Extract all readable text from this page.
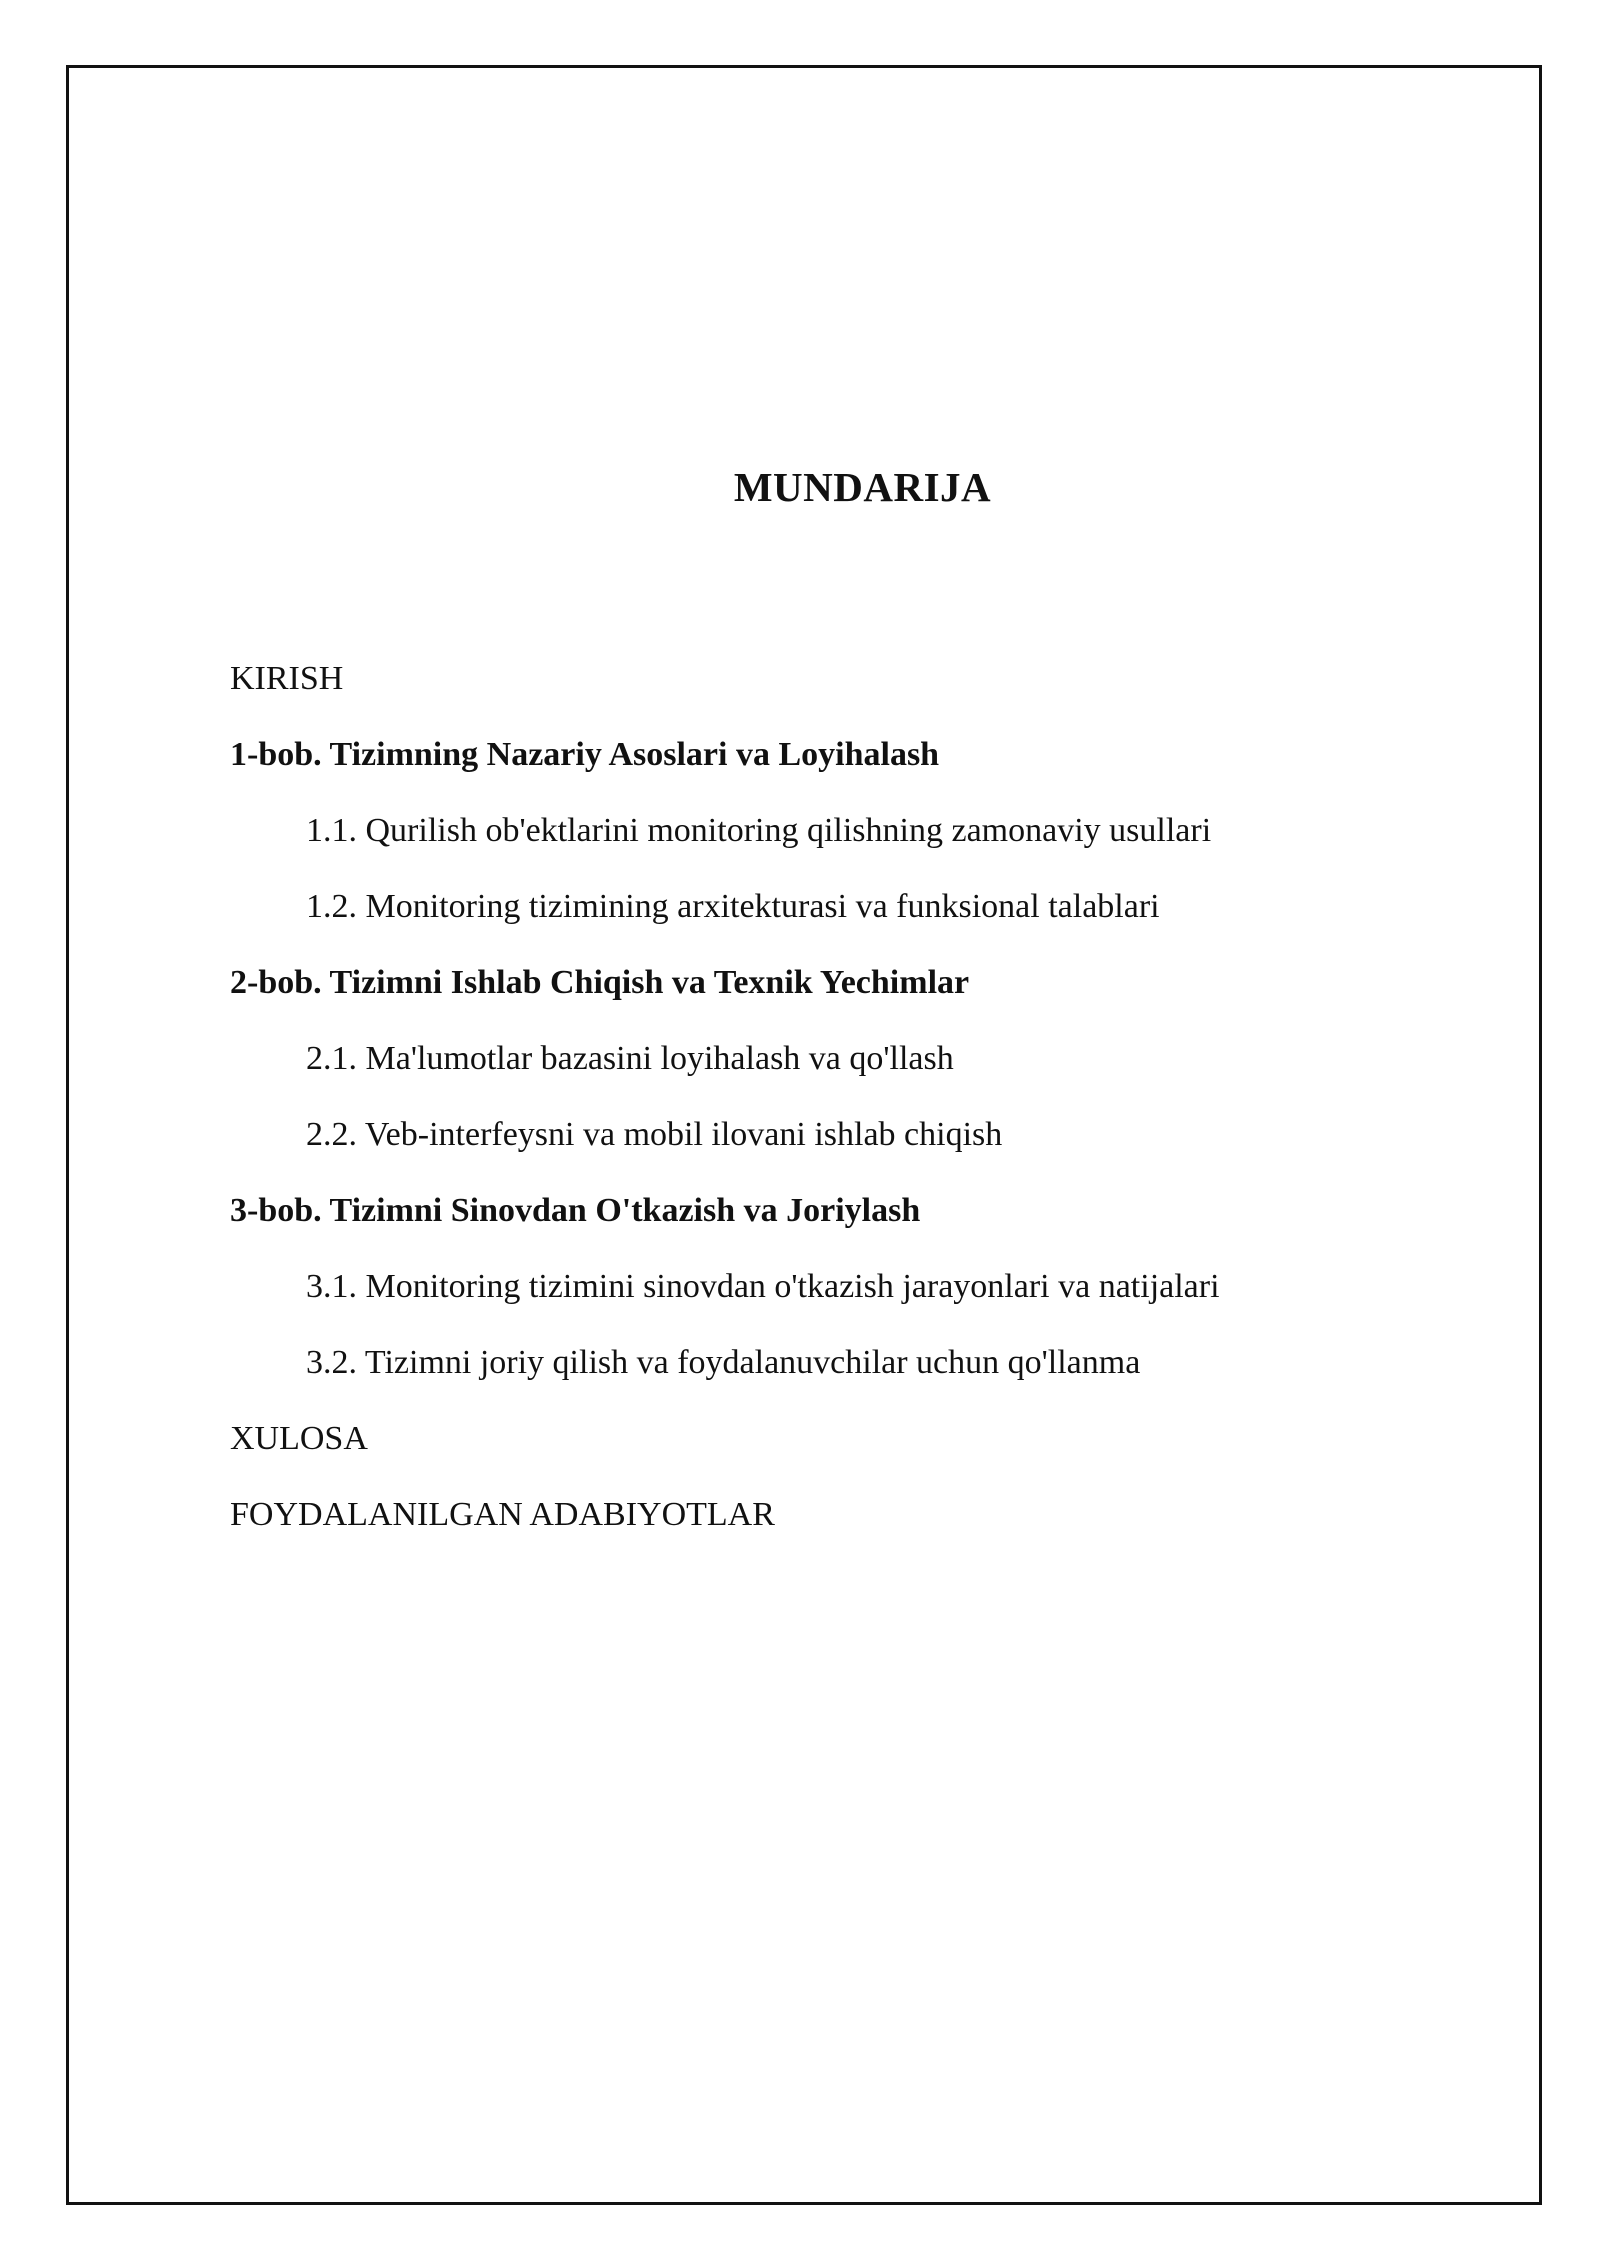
MUNDARIJA
KIRISH
1-bob. Tizimning Nazariy Asoslari va Loyihalash
1.1. Qurilish ob'ektlarini monitoring qilishning zamonaviy usullari
1.2. Monitoring tizimining arxitekturasi va funksional talablari
2-bob. Tizimni Ishlab Chiqish va Texnik Yechimlar
2.1. Ma'lumotlar bazasini loyihalash va qo'llash
2.2. Veb-interfeysni va mobil ilovani ishlab chiqish
3-bob. Tizimni Sinovdan O'tkazish va Joriylash
3.1. Monitoring tizimini sinovdan o'tkazish jarayonlari va natijalari
3.2. Tizimni joriy qilish va foydalanuvchilar uchun qo'llanma
XULOSA
FOYDALANILGAN ADABIYOTLAR
